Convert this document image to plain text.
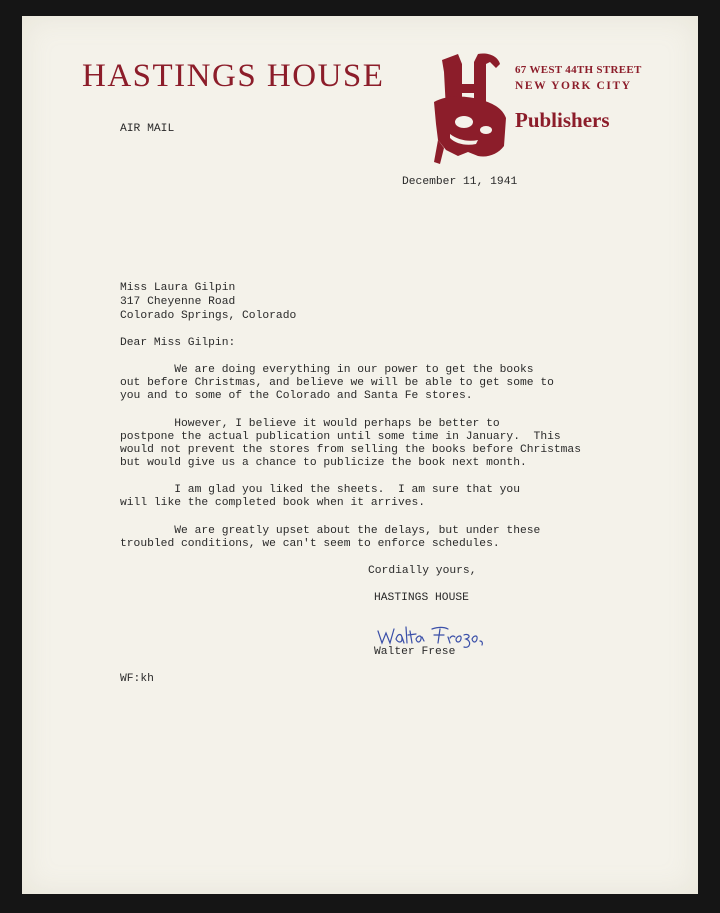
HASTINGS HOUSE	67 WEST 44TH STREET
NEW YORK CITY
Publishers
AIR MAIL
December 11, 1941
Miss Laura Gilpin
317 Cheyenne Road
Colorado Springs, Colorado
Dear Miss Gilpin:
We are doing everything in our power to get the books
out before Christmas, and believe we will be able to get some to
you and to some of the Colorado and Santa Fe stores.
However, I believe it would perhaps be better to
postpone the actual publication until some time in January.  This
would not prevent the stores from selling the books before Christmas
but would give us a chance to publicize the book next month.
I am glad you liked the sheets.  I am sure that you
will like the completed book when it arrives.
We are greatly upset about the delays, but under these
troubled conditions, we can't seem to enforce schedules.
Cordially yours,
HASTINGS HOUSE
Walter Frese
WF:kh
